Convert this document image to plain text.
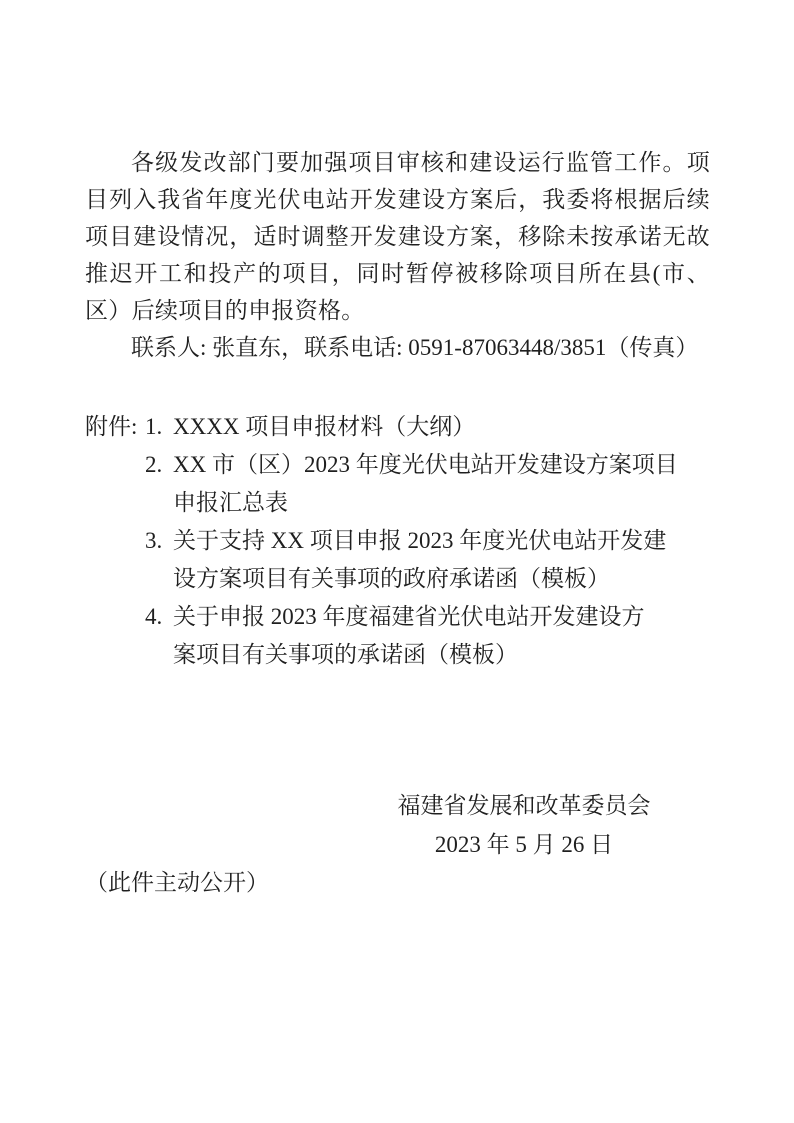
各级发改部门要加强项目审核和建设运行监管工作。项目列入我省年度光伏电站开发建设方案后，我委将根据后续项目建设情况，适时调整开发建设方案，移除未按承诺无故推迟开工和投产的项目，同时暂停被移除项目所在县(市、区）后续项目的申报资格。

联系人: 张直东，联系电话: 0591-87063448/3851（传真）

附件: 1. XXXX 项目申报材料（大纲）
2. XX 市（区）2023 年度光伏电站开发建设方案项目
申报汇总表
3. 关于支持 XX 项目申报 2023 年度光伏电站开发建
设方案项目有关事项的政府承诺函（模板）
4. 关于申报 2023 年度福建省光伏电站开发建设方
案项目有关事项的承诺函（模板）
福建省发展和改革委员会
2023 年 5 月 26 日

（此件主动公开）
